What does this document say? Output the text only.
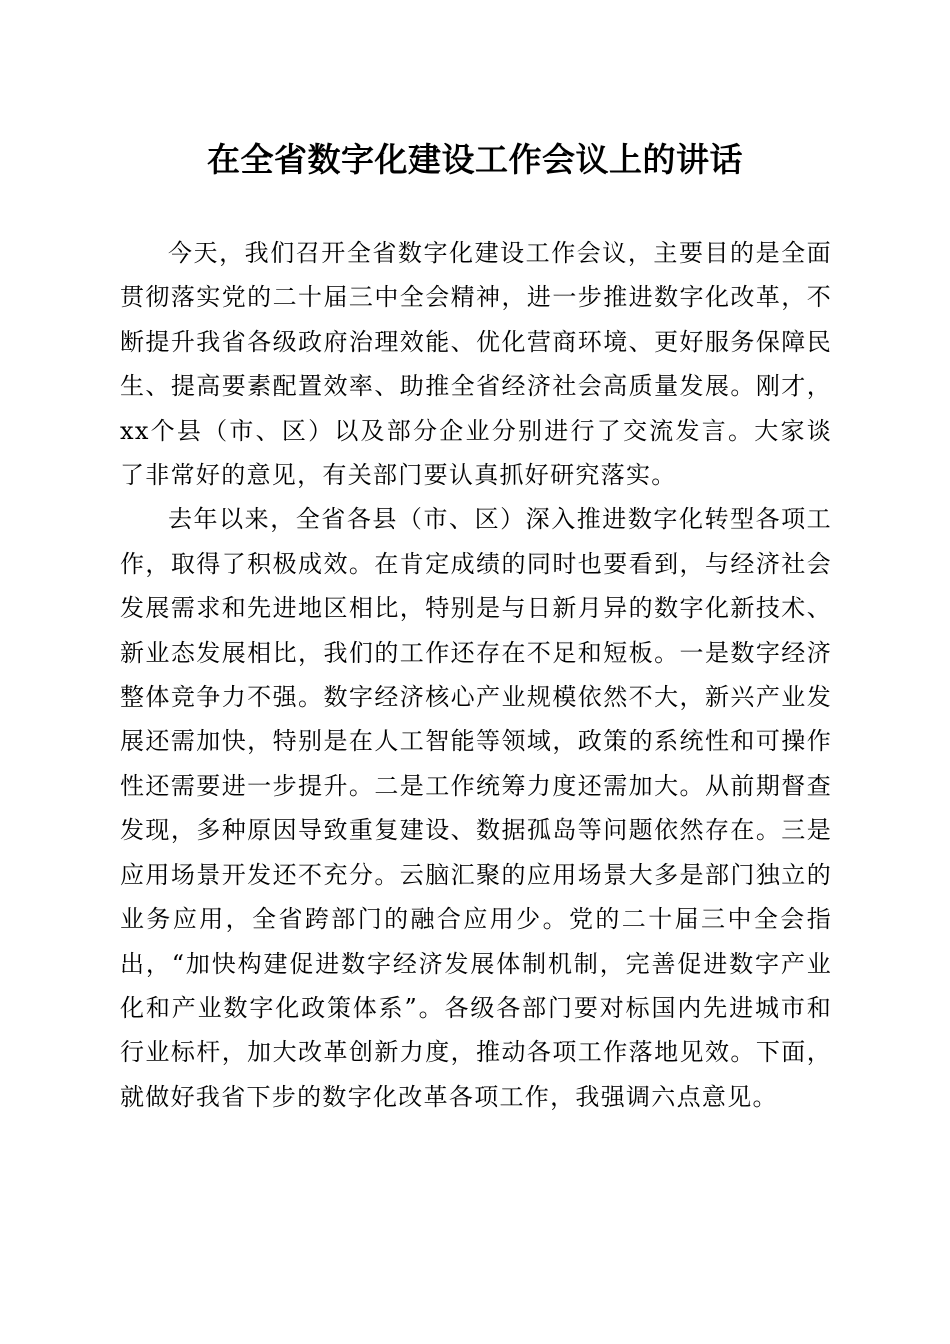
在全省数字化建设工作会议上的讲话

今天，我们召开全省数字化建设工作会议，主要目的是全面贯彻落实党的二十届三中全会精神，进一步推进数字化改革，不断提升我省各级政府治理效能、优化营商环境、更好服务保障民生、提高要素配置效率、助推全省经济社会高质量发展。刚才，xx个县（市、区）以及部分企业分别进行了交流发言。大家谈了非常好的意见，有关部门要认真抓好研究落实。

去年以来，全省各县（市、区）深入推进数字化转型各项工作，取得了积极成效。在肯定成绩的同时也要看到，与经济社会发展需求和先进地区相比，特别是与日新月异的数字化新技术、新业态发展相比，我们的工作还存在不足和短板。一是数字经济整体竞争力不强。数字经济核心产业规模依然不大，新兴产业发展还需加快，特别是在人工智能等领域，政策的系统性和可操作性还需要进一步提升。二是工作统筹力度还需加大。从前期督查发现，多种原因导致重复建设、数据孤岛等问题依然存在。三是应用场景开发还不充分。云脑汇聚的应用场景大多是部门独立的业务应用，全省跨部门的融合应用少。党的二十届三中全会指出，“加快构建促进数字经济发展体制机制，完善促进数字产业化和产业数字化政策体系”。各级各部门要对标国内先进城市和行业标杆，加大改革创新力度，推动各项工作落地见效。下面，就做好我省下步的数字化改革各项工作，我强调六点意见。
